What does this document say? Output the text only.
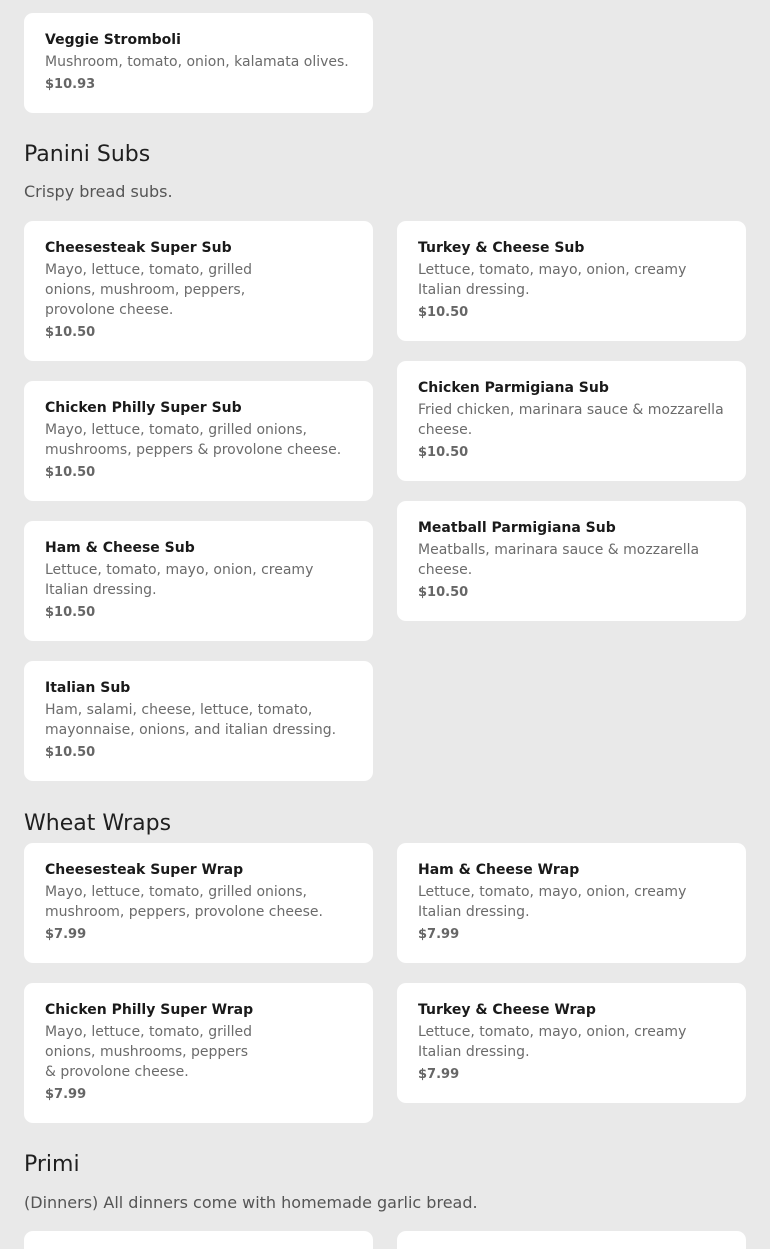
Veggie Stromboli
Mushroom, tomato, onion, kalamata olives.
$10.93
Panini Subs

Crispy bread subs.

Cheesesteak Super Sub
Mayo, lettuce, tomato, grilled onions, mushroom, peppers, provolone cheese.
$10.50
Turkey & Cheese Sub
Lettuce, tomato, mayo, onion, creamy Italian dressing.
$10.50
Chicken Philly Super Sub
Mayo, lettuce, tomato, grilled onions, mushrooms, peppers & provolone cheese.
$10.50
Chicken Parmigiana Sub
Fried chicken, marinara sauce & mozzarella cheese.
$10.50
Ham & Cheese Sub
Lettuce, tomato, mayo, onion, creamy Italian dressing.
$10.50
Meatball Parmigiana Sub
Meatballs, marinara sauce & mozzarella cheese.
$10.50
Italian Sub
Ham, salami, cheese, lettuce, tomato, mayonnaise, onions, and italian dressing.
$10.50
Wheat Wraps
Cheesesteak Super Wrap
Mayo, lettuce, tomato, grilled onions, mushroom, peppers, provolone cheese.
$7.99
Ham & Cheese Wrap
Lettuce, tomato, mayo, onion, creamy Italian dressing.
$7.99
Chicken Philly Super Wrap
Mayo, lettuce, tomato, grilled onions, mushrooms, peppers & provolone cheese.
$7.99
Turkey & Cheese Wrap
Lettuce, tomato, mayo, onion, creamy Italian dressing.
$7.99
Primi

(Dinners) All dinners come with homemade garlic bread.
